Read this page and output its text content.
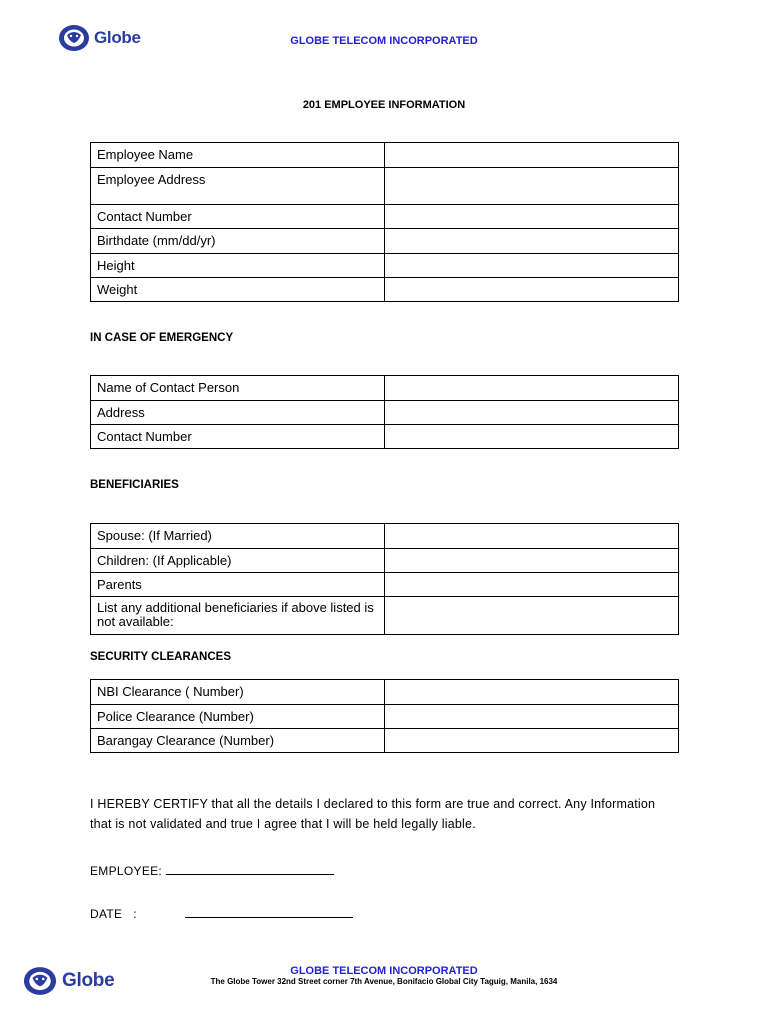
Globe	GLOBE TELECOM INCORPORATED
201 EMPLOYEE INFORMATION
Employee Name	
Employee Address	
Contact Number	
Birthdate (mm/dd/yr)	
Height	
Weight	
IN CASE OF EMERGENCY
Name of Contact Person	
Address	
Contact Number	
BENEFICIARIES
Spouse: (If Married)	
Children: (If Applicable)	
Parents	
List any additional beneficiaries if above listed is not available:	
SECURITY CLEARANCES
NBI Clearance ( Number)	
Police Clearance (Number)	
Barangay Clearance (Number)	
I HEREBY CERTIFY that all the details I declared to this form are true and correct. Any Information that is not validated and true I agree that I will be held legally liable.
EMPLOYEE:
DATE   :
Globe	GLOBE TELECOM INCORPORATED
The Globe Tower 32nd Street corner 7th Avenue, Bonifacio Global City Taguig, Manila, 1634
